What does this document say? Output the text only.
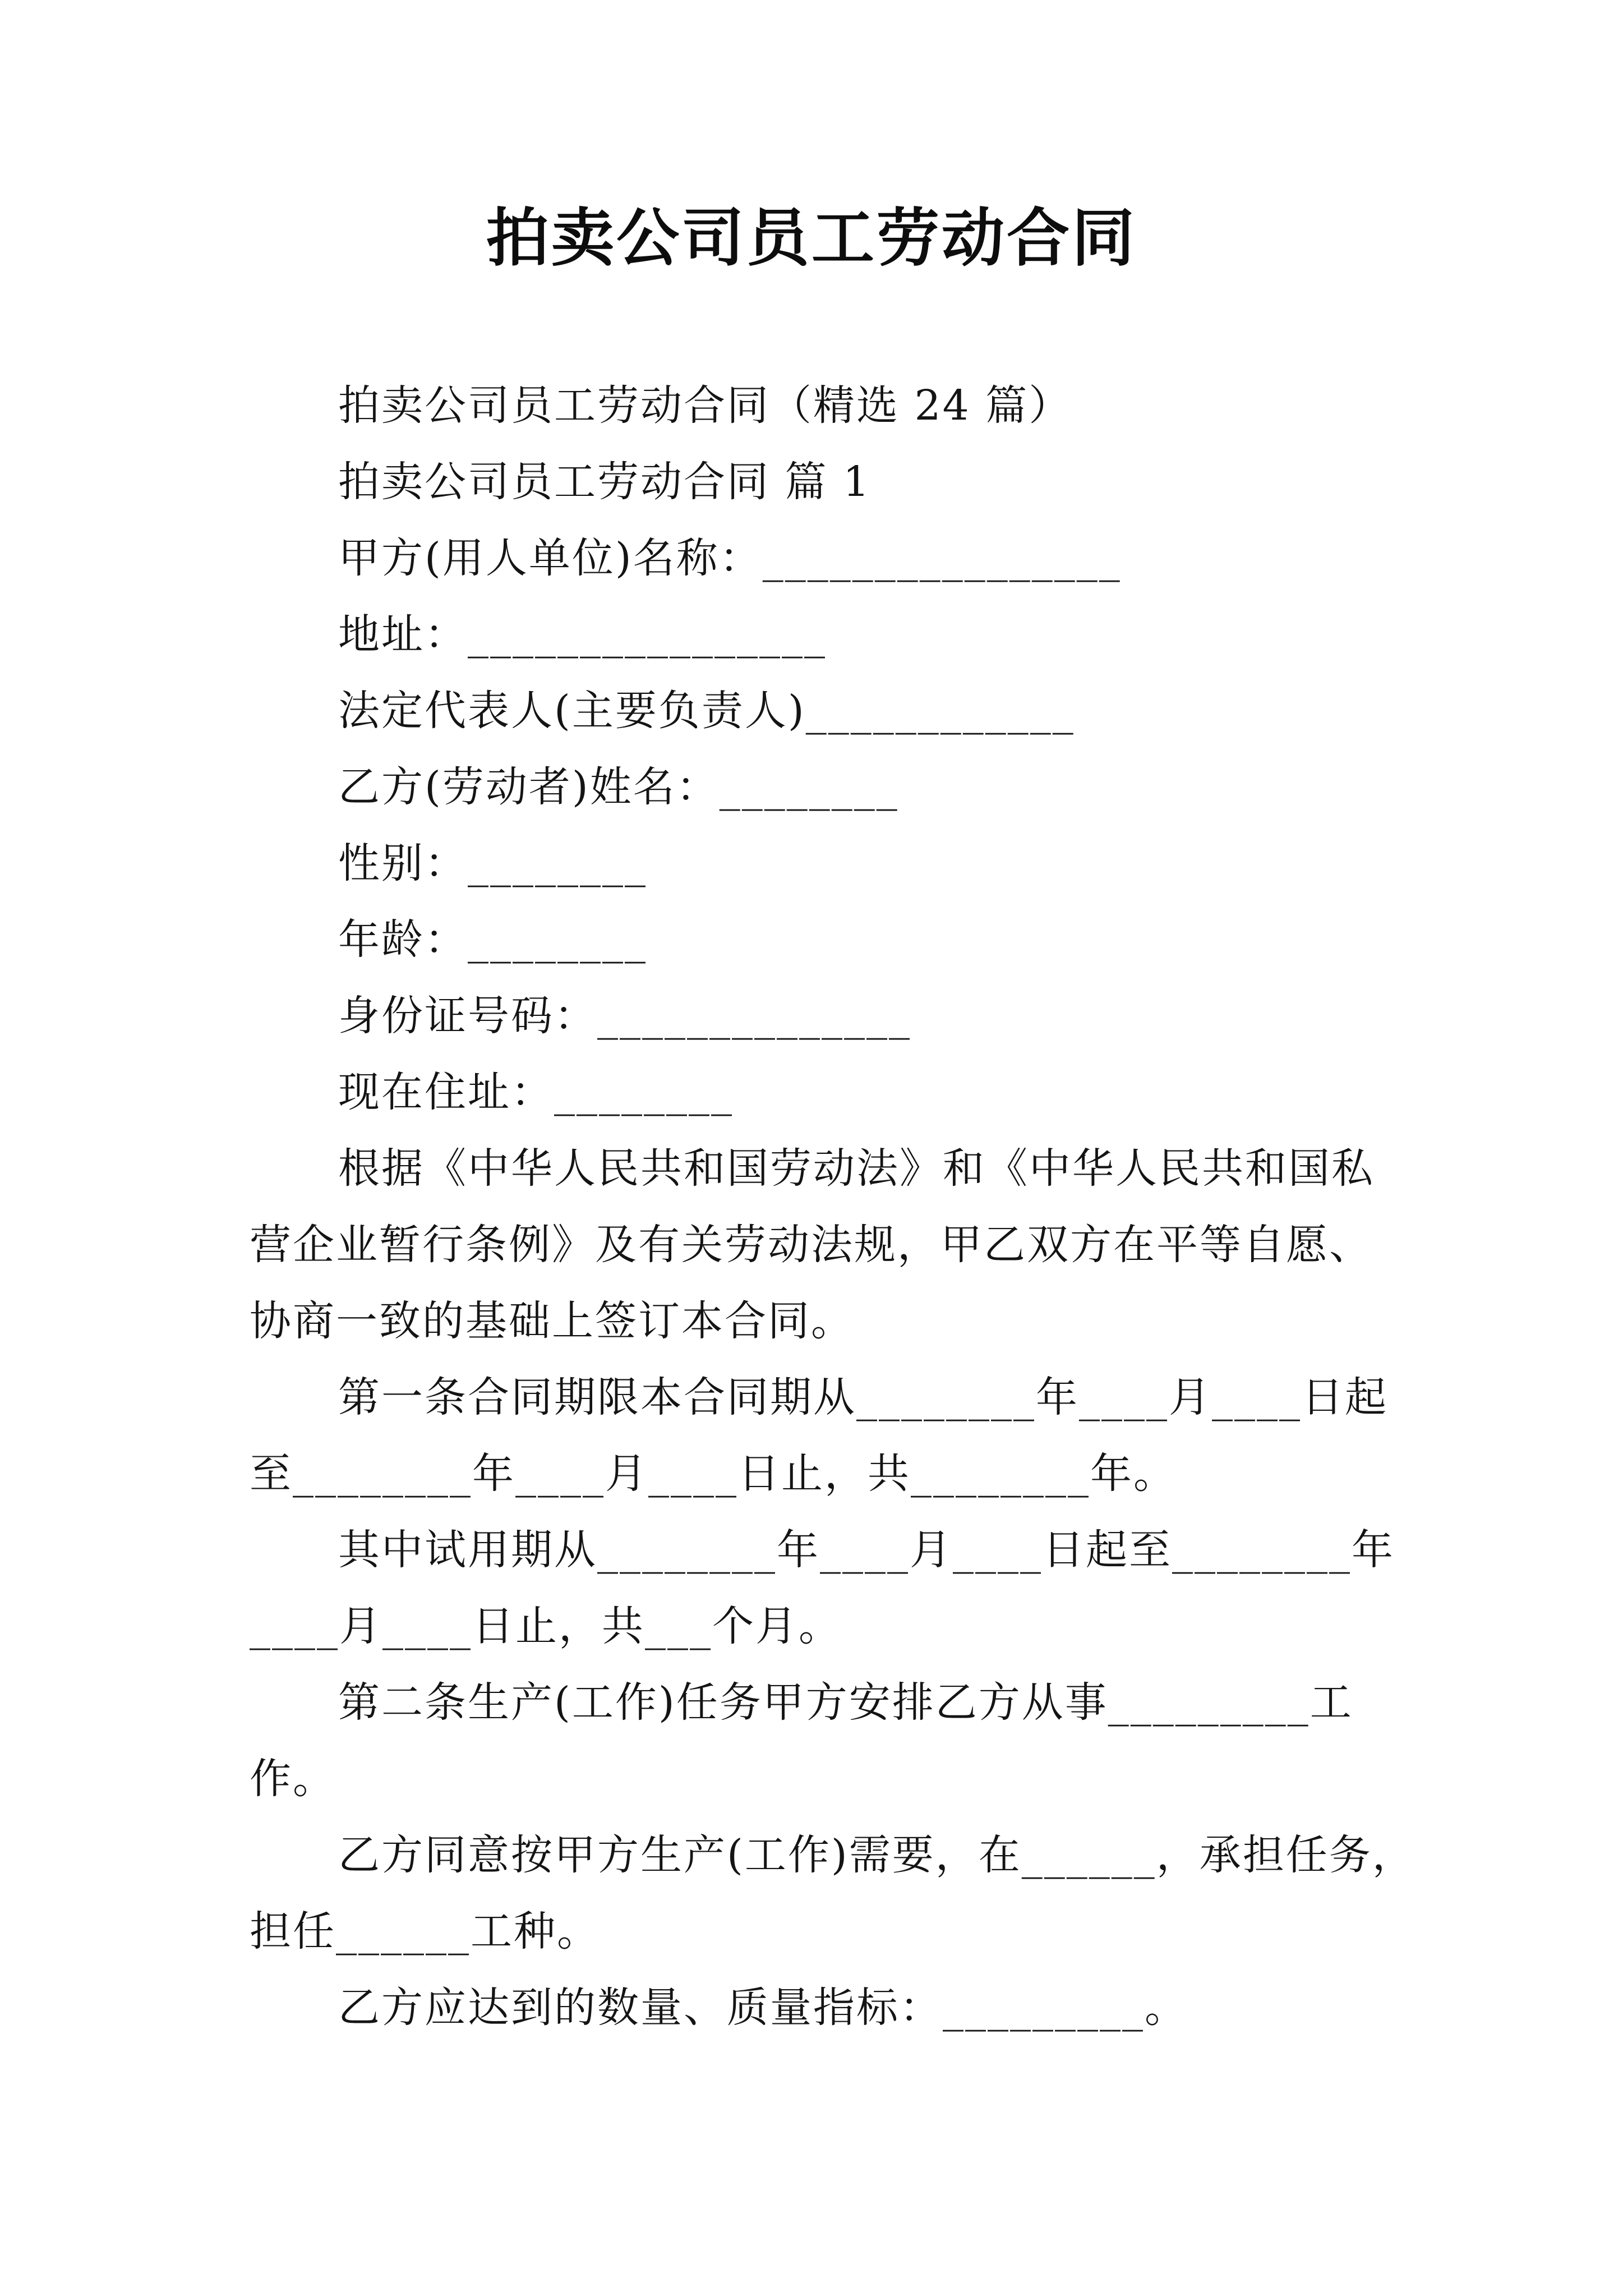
拍卖公司员工劳动合同
拍卖公司员工劳动合同（精选 24 篇）
拍卖公司员工劳动合同 篇 1
甲方(用人单位)名称：________________
地址：________________
法定代表人(主要负责人)____________
乙方(劳动者)姓名：________
性别：________
年龄：________
身份证号码：______________
现在住址：________
根据《中华人民共和国劳动法》和《中华人民共和国私
营企业暂行条例》及有关劳动法规，甲乙双方在平等自愿、
协商一致的基础上签订本合同。
第一条合同期限本合同期从________年____月____日起
至________年____月____日止，共________年。
其中试用期从________年____月____日起至________年
____月____日止，共___个月。
第二条生产(工作)任务甲方安排乙方从事_________工
作。
乙方同意按甲方生产(工作)需要，在______，承担任务，
担任______工种。
乙方应达到的数量、质量指标：_________。
